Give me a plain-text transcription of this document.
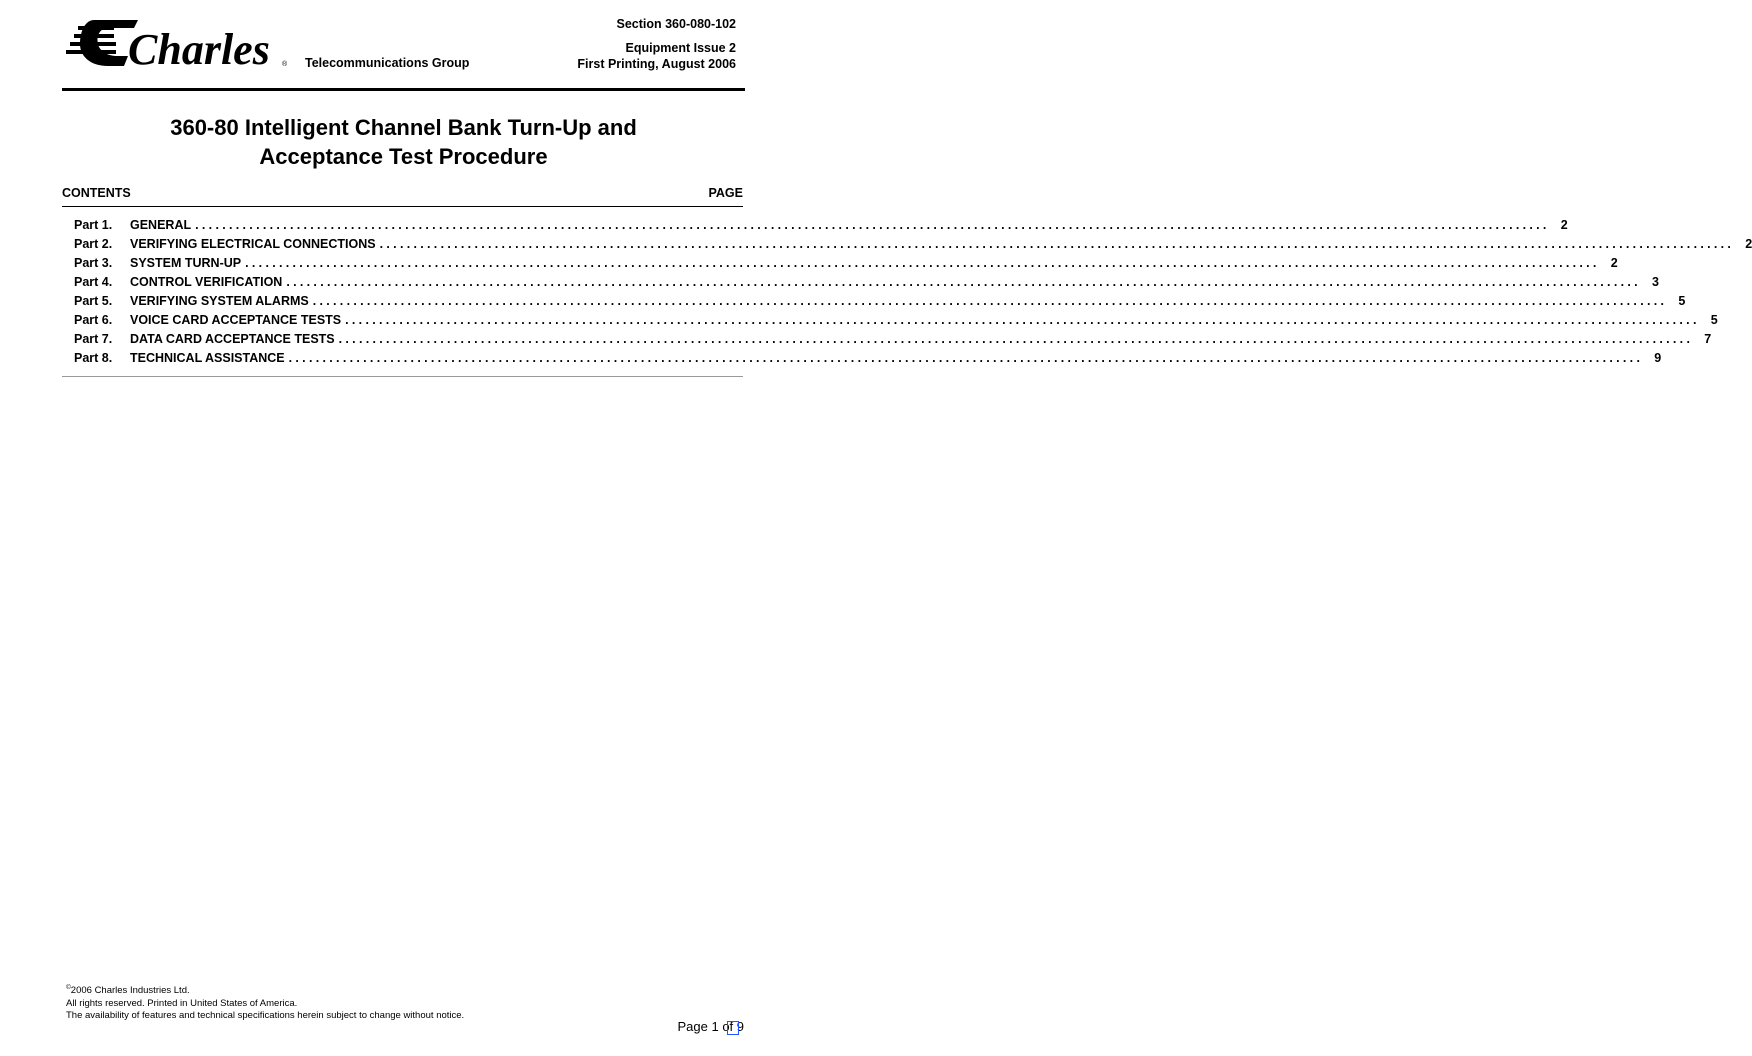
Charles ® Telecommunications Group
Section 360-080-102
Equipment Issue 2
First Printing, August 2006
360-80 Intelligent Channel Bank Turn-Up and
Acceptance Test Procedure
CONTENTS	PAGE
Part 1.	GENERAL ........................................................................................................................................................................................................ 2
Part 2.	VERIFYING ELECTRICAL CONNECTIONS ........................................................................................................................................................................................................ 2
Part 3.	SYSTEM TURN-UP ........................................................................................................................................................................................................ 2
Part 4.	CONTROL VERIFICATION ........................................................................................................................................................................................................ 3
Part 5.	VERIFYING SYSTEM ALARMS ........................................................................................................................................................................................................ 5
Part 6.	VOICE CARD ACCEPTANCE TESTS ........................................................................................................................................................................................................ 5
Part 7.	DATA CARD ACCEPTANCE TESTS ........................................................................................................................................................................................................ 7
Part 8.	TECHNICAL ASSISTANCE ........................................................................................................................................................................................................ 9
©2006 Charles Industries Ltd.
All rights reserved. Printed in United States of America.
The availability of features and technical specifications herein subject to change without notice.
Page 1 of 9
